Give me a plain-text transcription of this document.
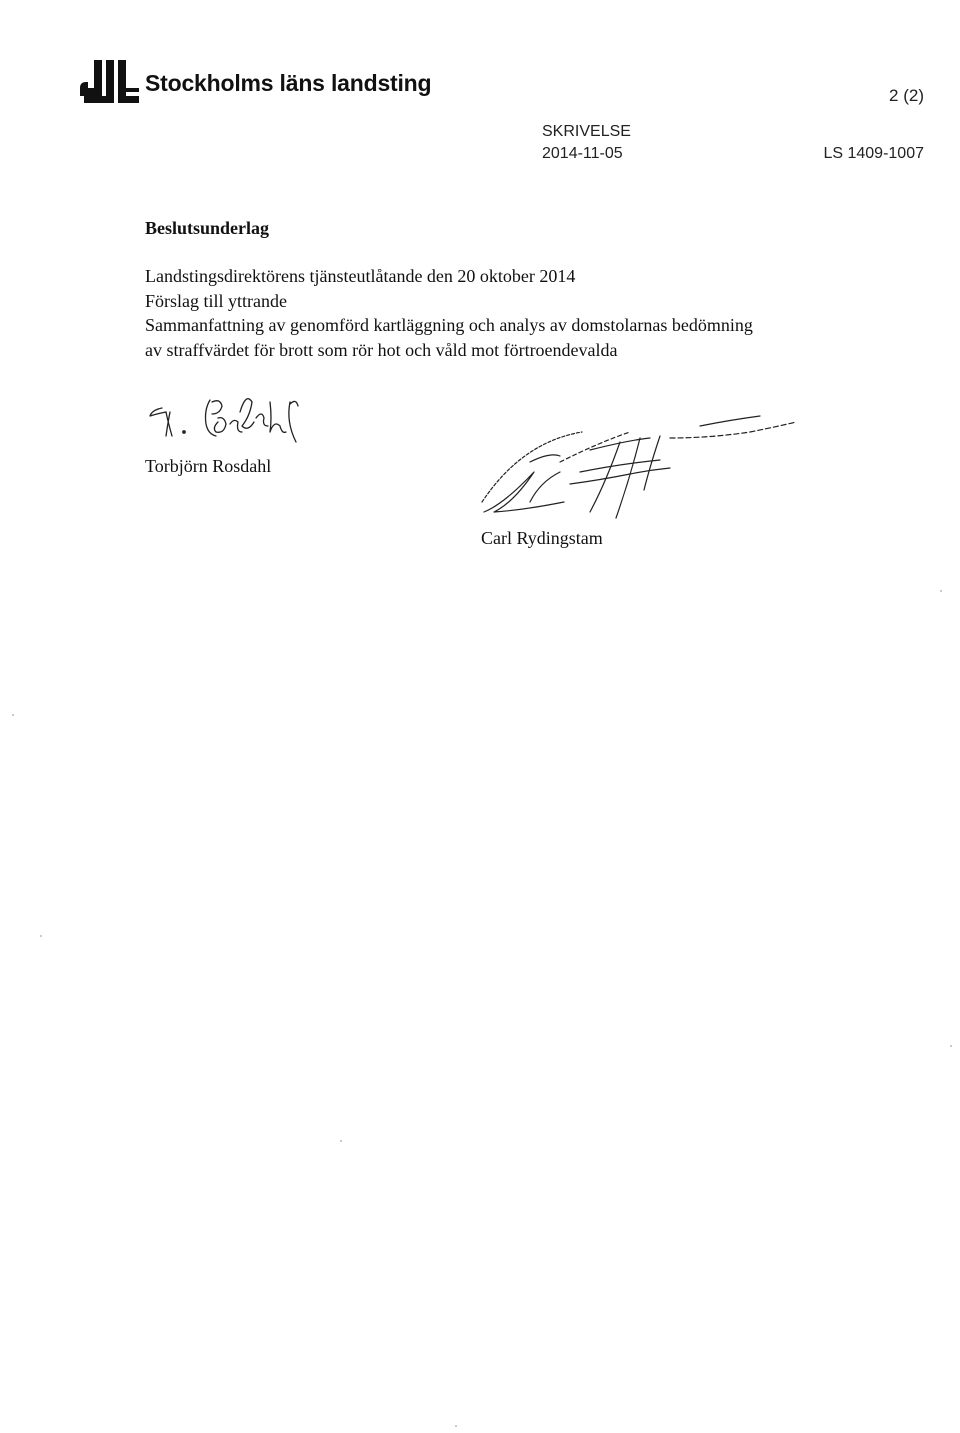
Stockholms läns landsting	2 (2)
SKRIVELSE
2014-11-05	LS 1409-1007
Beslutsunderlag
Landstingsdirektörens tjänsteutlåtande den 20 oktober 2014
Förslag till yttrande
Sammanfattning av genomförd kartläggning och analys av domstolarnas bedömning av straffvärdet för brott som rör hot och våld mot förtroendevalda
Torbjörn Rosdahl
Carl Rydingstam
